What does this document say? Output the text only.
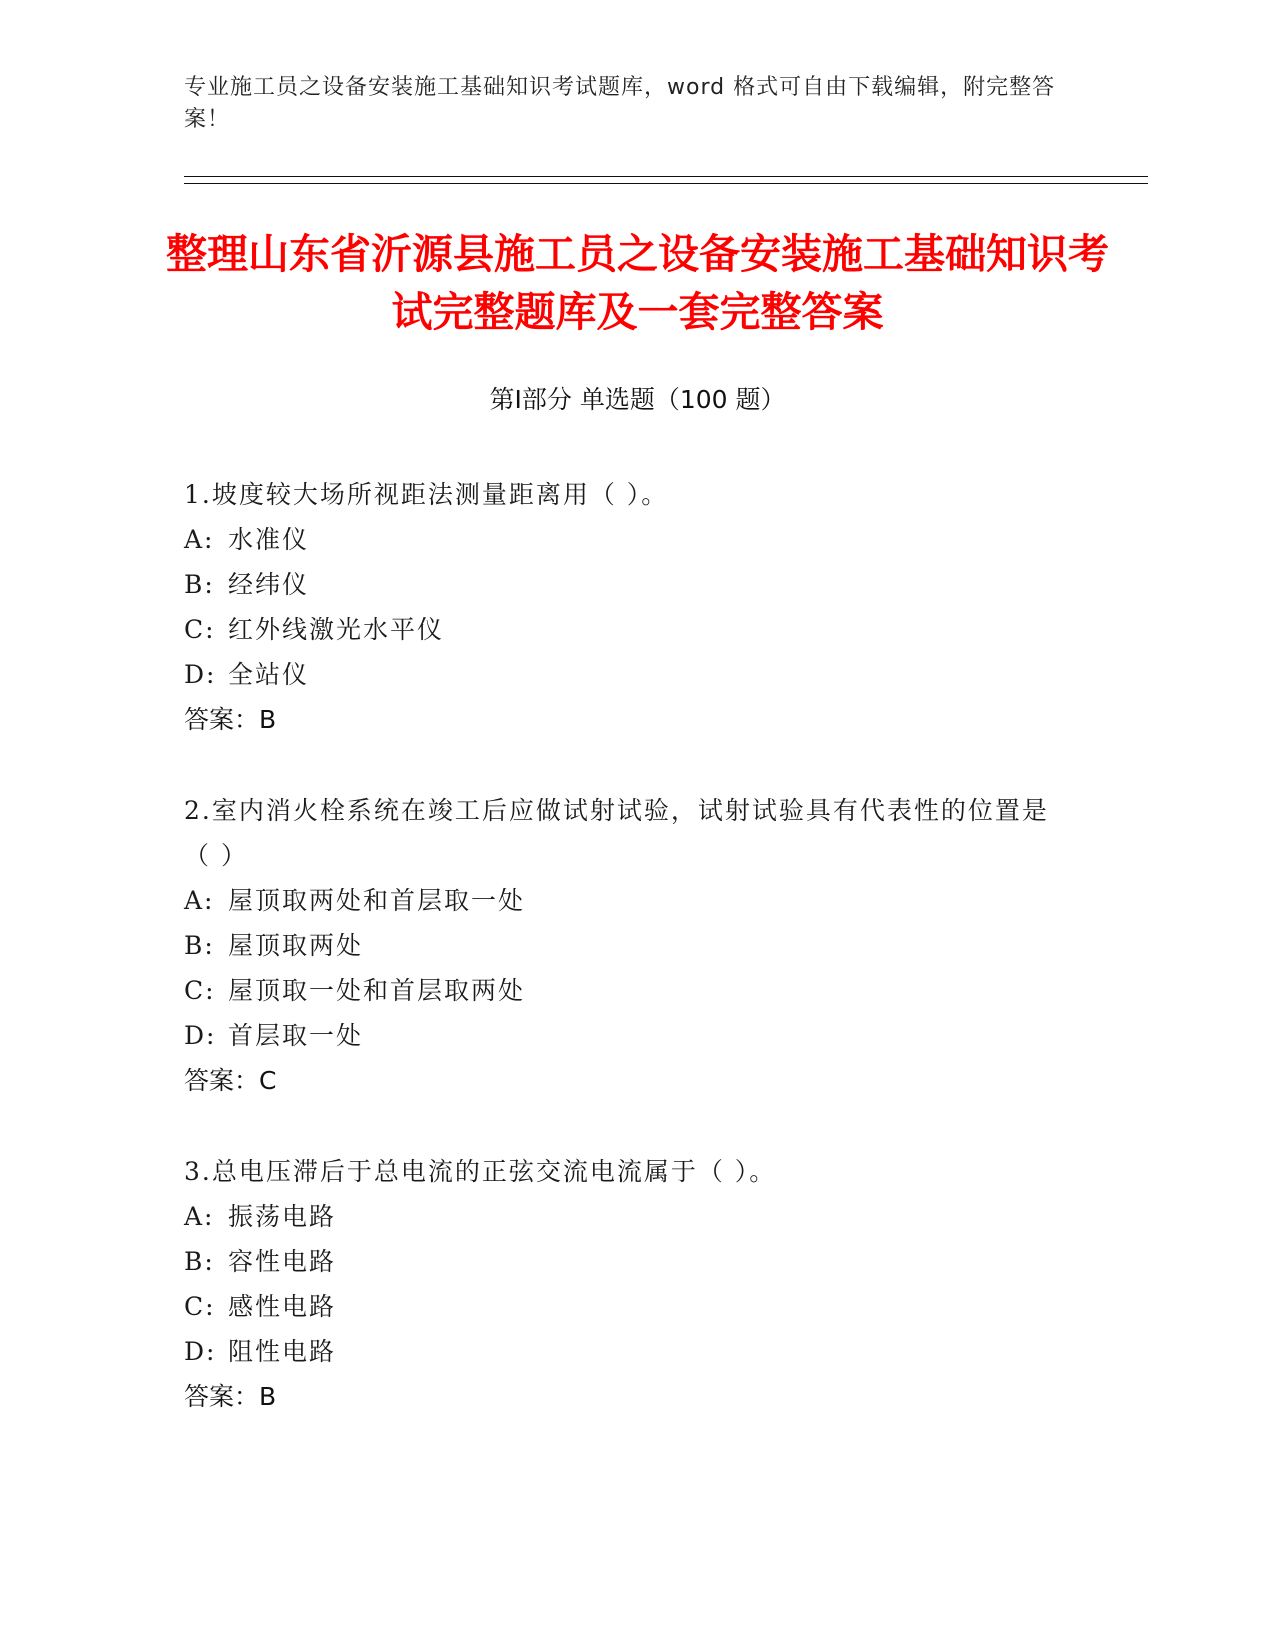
专业施工员之设备安装施工基础知识考试题库，word 格式可自由下载编辑，附完整答案！
整理山东省沂源县施工员之设备安装施工基础知识考试完整题库及一套完整答案
第Ⅰ部分 单选题（100 题）
1.坡度较大场所视距法测量距离用（ ）。
A: 水准仪
B: 经纬仪
C: 红外线激光水平仪
D: 全站仪
答案：B
2.室内消火栓系统在竣工后应做试射试验，试射试验具有代表性的位置是（ ）
A: 屋顶取两处和首层取一处
B: 屋顶取两处
C: 屋顶取一处和首层取两处
D: 首层取一处
答案：C
3.总电压滞后于总电流的正弦交流电流属于（ ）。
A: 振荡电路
B: 容性电路
C: 感性电路
D: 阻性电路
答案：B
